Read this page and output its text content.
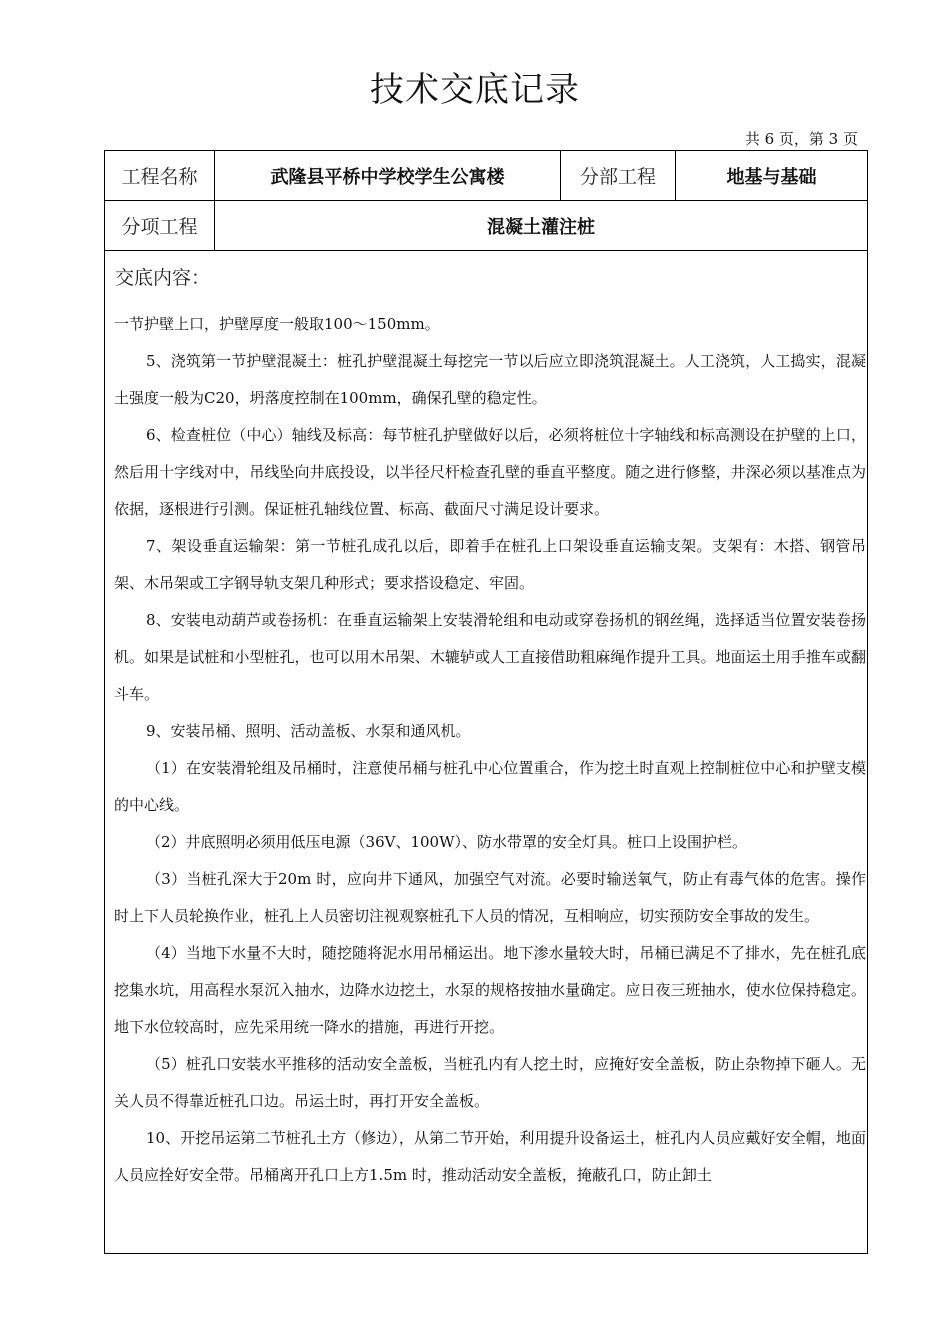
技术交底记录
共 6 页，第 3 页
工程名称	武隆县平桥中学校学生公寓楼	分部工程	地基与基础
分项工程	混凝土灌注桩
交底内容：

一节护壁上口，护壁厚度一般取100～150mm。

5、浇筑第一节护壁混凝土：桩孔护壁混凝土每挖完一节以后应立即浇筑混凝土。人工浇筑，人工捣实，混凝土强度一般为C20，坍落度控制在100mm，确保孔壁的稳定性。

6、检查桩位（中心）轴线及标高：每节桩孔护壁做好以后，必须将桩位十字轴线和标高测设在护壁的上口，然后用十字线对中，吊线坠向井底投设，以半径尺杆检查孔壁的垂直平整度。随之进行修整，井深必须以基准点为依据，逐根进行引测。保证桩孔轴线位置、标高、截面尺寸满足设计要求。

7、架设垂直运输架：第一节桩孔成孔以后，即着手在桩孔上口架设垂直运输支架。支架有：木搭、钢管吊架、木吊架或工字钢导轨支架几种形式；要求搭设稳定、牢固。

8、安装电动葫芦或卷扬机：在垂直运输架上安装滑轮组和电动或穿卷扬机的钢丝绳，选择适当位置安装卷扬机。如果是试桩和小型桩孔，也可以用木吊架、木辘轳或人工直接借助粗麻绳作提升工具。地面运土用手推车或翻斗车。

9、安装吊桶、照明、活动盖板、水泵和通风机。

（1）在安装滑轮组及吊桶时，注意使吊桶与桩孔中心位置重合，作为挖土时直观上控制桩位中心和护壁支模的中心线。

（2）井底照明必须用低压电源（36V、100W）、防水带罩的安全灯具。桩口上设围护栏。

（3）当桩孔深大于20m 时，应向井下通风，加强空气对流。必要时输送氧气，防止有毒气体的危害。操作时上下人员轮换作业，桩孔上人员密切注视观察桩孔下人员的情况，互相响应，切实预防安全事故的发生。

（4）当地下水量不大时，随挖随将泥水用吊桶运出。地下渗水量较大时，吊桶已满足不了排水，先在桩孔底挖集水坑，用高程水泵沉入抽水，边降水边挖土，水泵的规格按抽水量确定。应日夜三班抽水，使水位保持稳定。地下水位较高时，应先采用统一降水的措施，再进行开挖。

（5）桩孔口安装水平推移的活动安全盖板，当桩孔内有人挖土时，应掩好安全盖板，防止杂物掉下砸人。无关人员不得靠近桩孔口边。吊运土时，再打开安全盖板。

10、开挖吊运第二节桩孔土方（修边），从第二节开始，利用提升设备运土，桩孔内人员应戴好安全帽，地面人员应拴好安全带。吊桶离开孔口上方1.5m 时，推动活动安全盖板，掩蔽孔口，防止卸土
